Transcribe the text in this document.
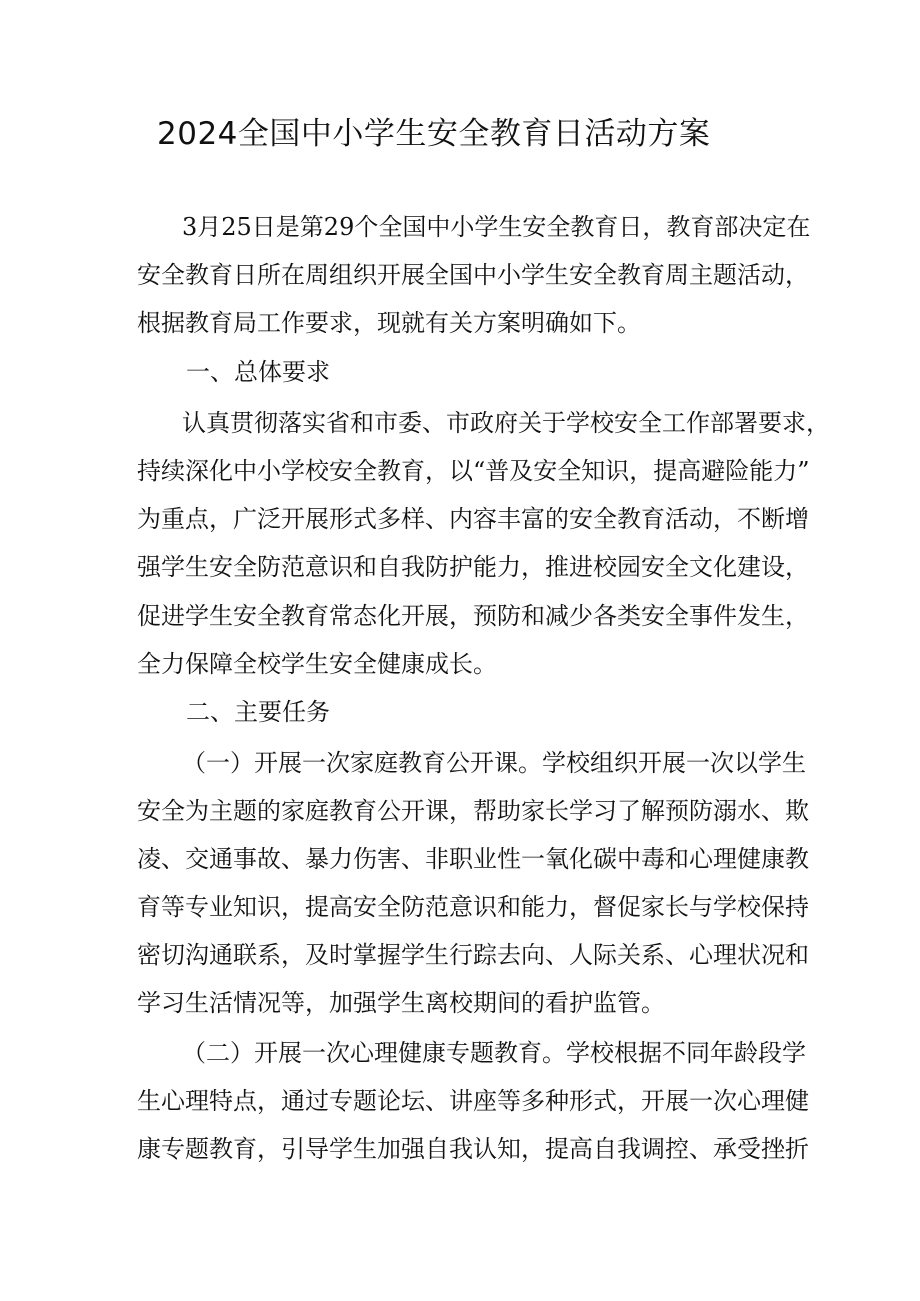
2024全国中小学生安全教育日活动方案
3月25日是第29个全国中小学生安全教育日，教育部决定在
安全教育日所在周组织开展全国中小学生安全教育周主题活动，
根据教育局工作要求，现就有关方案明确如下。
一、总体要求
认真贯彻落实省和市委、市政府关于学校安全工作部署要求，
持续深化中小学校安全教育，以“普及安全知识，提高避险能力”
为重点，广泛开展形式多样、内容丰富的安全教育活动，不断增
强学生安全防范意识和自我防护能力，推进校园安全文化建设，
促进学生安全教育常态化开展，预防和减少各类安全事件发生，
全力保障全校学生安全健康成长。
二、主要任务
（一）开展一次家庭教育公开课。学校组织开展一次以学生
安全为主题的家庭教育公开课，帮助家长学习了解预防溺水、欺
凌、交通事故、暴力伤害、非职业性一氧化碳中毒和心理健康教
育等专业知识，提高安全防范意识和能力，督促家长与学校保持
密切沟通联系，及时掌握学生行踪去向、人际关系、心理状况和
学习生活情况等，加强学生离校期间的看护监管。
（二）开展一次心理健康专题教育。学校根据不同年龄段学
生心理特点，通过专题论坛、讲座等多种形式，开展一次心理健
康专题教育，引导学生加强自我认知，提高自我调控、承受挫折
